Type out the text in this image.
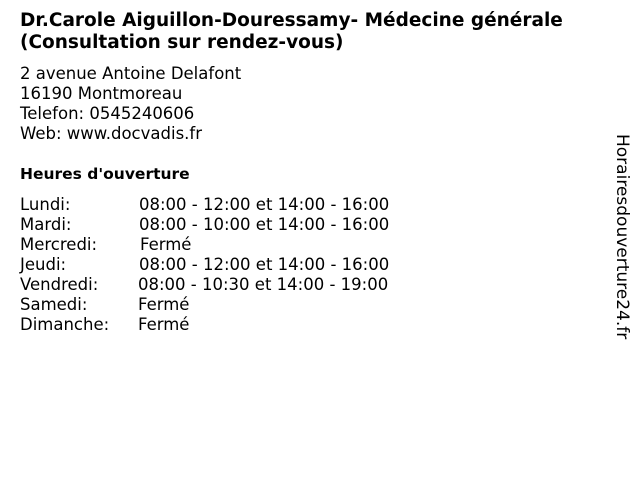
Dr.Carole Aiguillon-Douressamy- Médecine générale (Consultation sur rendez-vous)
2 avenue Antoine Delafont
16190 Montmoreau
Telefon: 0545240606
Web: www.docvadis.fr
Heures d'ouverture
Lundi:	08:00 - 12:00 et 14:00 - 16:00
Mardi:	08:00 - 10:00 et 14:00 - 16:00
Mercredi:	Fermé
Jeudi:	08:00 - 12:00 et 14:00 - 16:00
Vendredi: 08:00 - 10:30 et 14:00 - 19:00
Samedi:	Fermé
Dimanche: Fermé	Horairesdouverture24.fr
